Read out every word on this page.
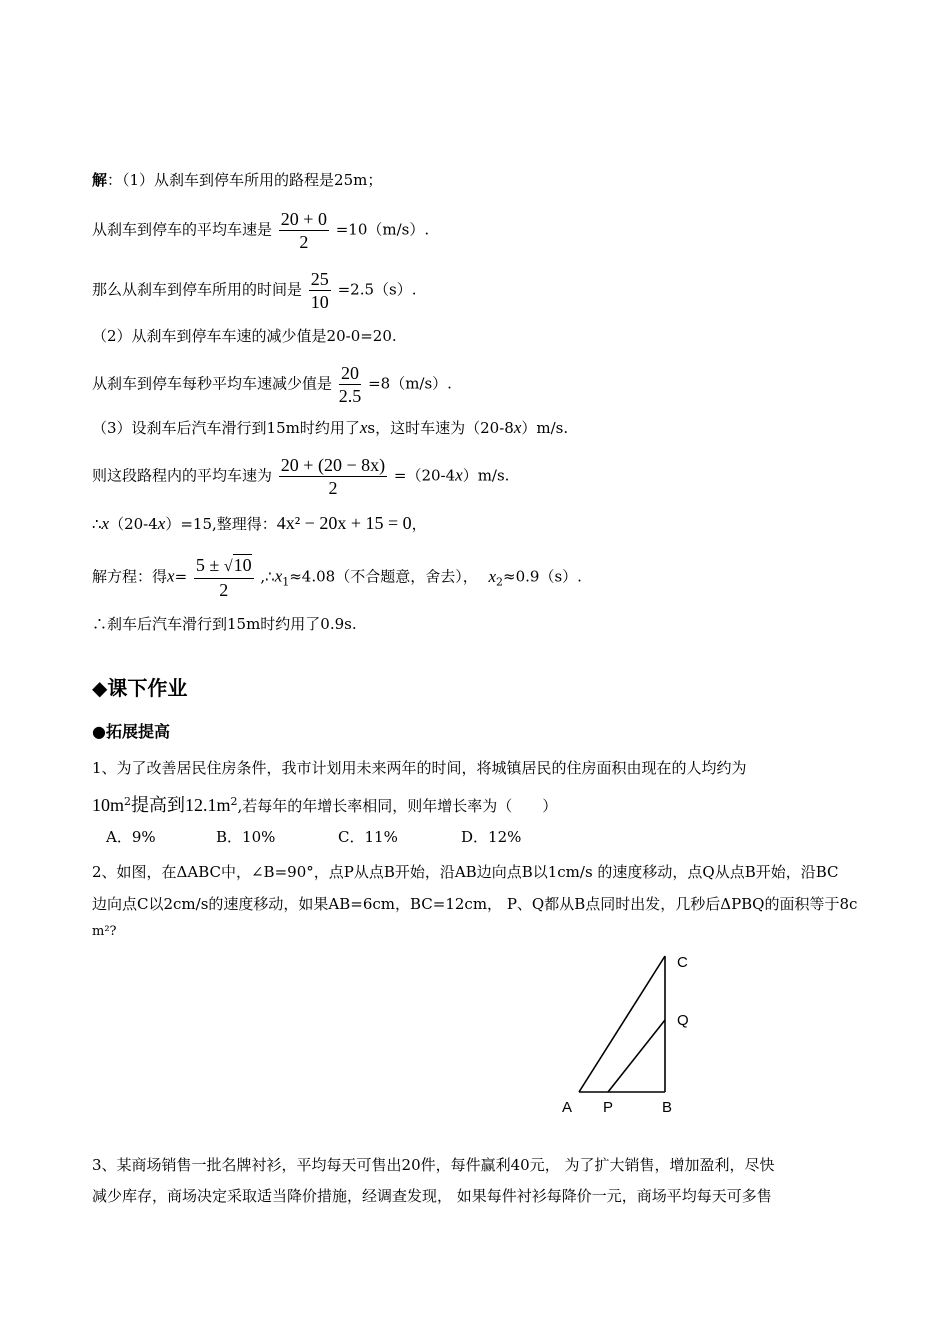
解：（1）从刹车到停车所用的路程是25m；
从刹车到停车的平均车速是 $\frac{20 + 0}{2} =10(m/s)$.
那么从刹车到停车所用的时间是 $\frac{25}{10} =2.5(s)$.
（2）从刹车到停车车速的减少值是20-0=20.
从刹车到停车每秒平均车速减少值是 $\frac{20}{2.5} =8(m/s)$.
（3）设刹车后汽车滑行到15m时约用了xs，这时车速为（20-8x）m/s.
则这段路程内的平均车速为 $\frac{20 + (20 - 8x)}{2} =(20-4x)m/s$.
∴x（20-4x）=15,整理得：4x² − 20x + 15 = 0，
解方程：得$x= \frac{5 \pm √10}{2}$ $,\therefore x_1\approx 4.08$（不合题意，舍去）， $x_2\approx 0.9(s)$.
∴刹车后汽车滑行到15m时约用了0.9s.
◆课下作业
●拓展提高
1、为了改善居民住房条件，我市计划用未来两年的时间，将城镇居民的住房面积由现在的人均约为
$10m^2$提高到$12.1m^2$,若每年的年增长率相同，则年增长率为（　　）
A．9%	B．10%	C．11%	D．12%
2、如图，在ΔABC中，∠B=90°，点P从点B开始，沿AB边向点B以1cm/s 的速度移动，点Q从点B开始，沿BC
边向点C以2cm/s的速度移动，如果AB=6cm，BC=12cm， P、Q都从B点同时出发，几秒后ΔPBQ的面积等于8c
m²?
C
Q
A P	B
3、某商场销售一批名牌衬衫，平均每天可售出20件，每件赢利40元， 为了扩大销售，增加盈利，尽快
减少库存，商场决定采取适当降价措施，经调查发现， 如果每件衬衫每降价一元，商场平均每天可多售
